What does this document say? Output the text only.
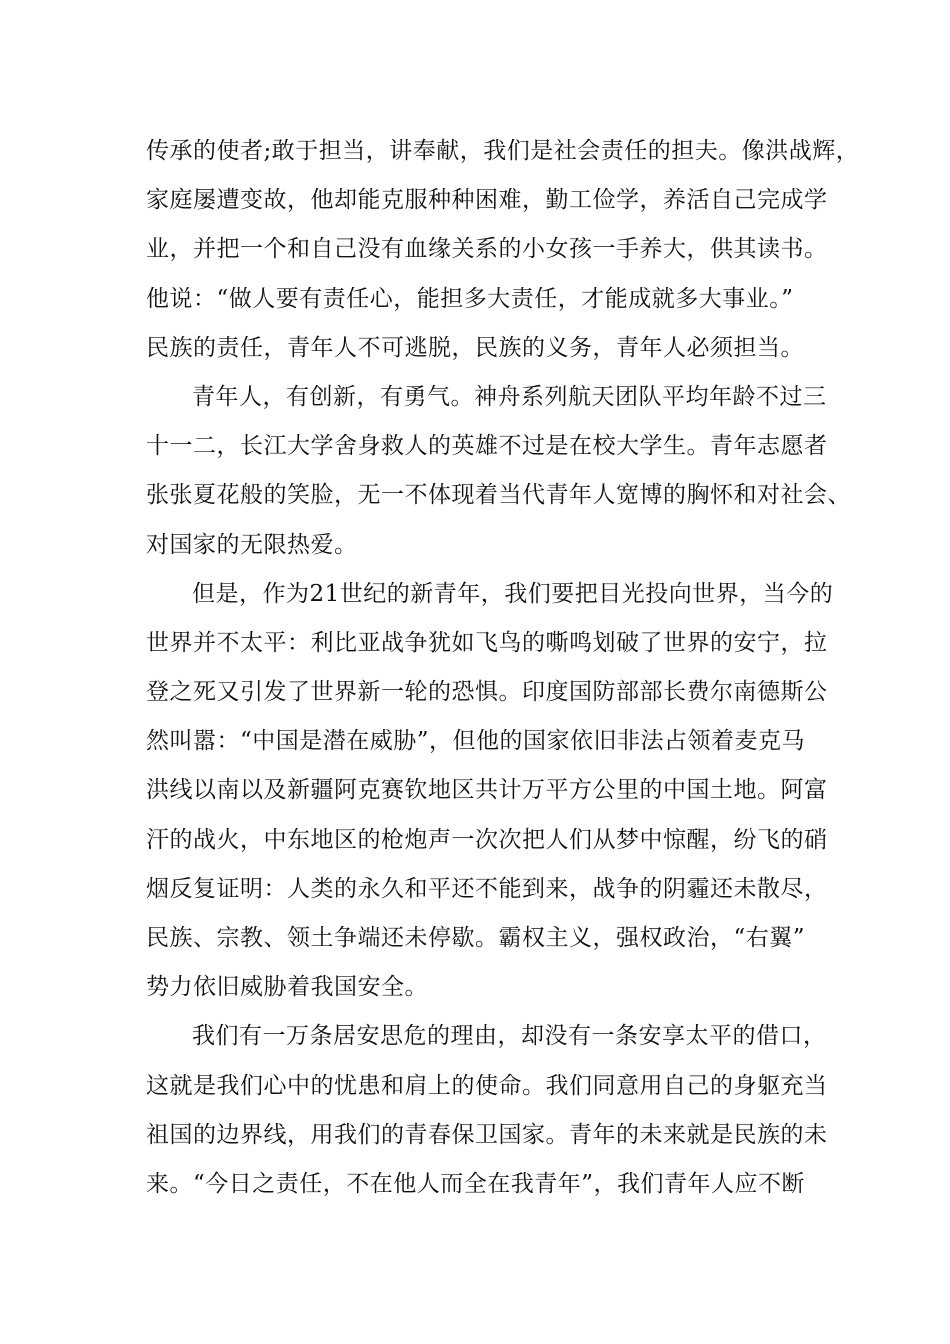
传承的使者;敢于担当，讲奉献，我们是社会责任的担夫。像洪战辉，
家庭屡遭变故，他却能克服种种困难，勤工俭学，养活自己完成学
业，并把一个和自己没有血缘关系的小女孩一手养大，供其读书。
他说：“做人要有责任心，能担多大责任，才能成就多大事业。”
民族的责任，青年人不可逃脱，民族的义务，青年人必须担当。
青年人，有创新，有勇气。神舟系列航天团队平均年龄不过三
十一二，长江大学舍身救人的英雄不过是在校大学生。青年志愿者
张张夏花般的笑脸，无一不体现着当代青年人宽博的胸怀和对社会、
对国家的无限热爱。
但是，作为21世纪的新青年，我们要把目光投向世界，当今的
世界并不太平：利比亚战争犹如飞鸟的嘶鸣划破了世界的安宁，拉
登之死又引发了世界新一轮的恐惧。印度国防部部长费尔南德斯公
然叫嚣：“中国是潜在威胁”，但他的国家依旧非法占领着麦克马
洪线以南以及新疆阿克赛钦地区共计万平方公里的中国土地。阿富
汗的战火，中东地区的枪炮声一次次把人们从梦中惊醒，纷飞的硝
烟反复证明：人类的永久和平还不能到来，战争的阴霾还未散尽，
民族、宗教、领土争端还未停歇。霸权主义，强权政治，“右翼”
势力依旧威胁着我国安全。
我们有一万条居安思危的理由，却没有一条安享太平的借口，
这就是我们心中的忧患和肩上的使命。我们同意用自己的身躯充当
祖国的边界线，用我们的青春保卫国家。青年的未来就是民族的未
来。“今日之责任，不在他人而全在我青年”，我们青年人应不断
